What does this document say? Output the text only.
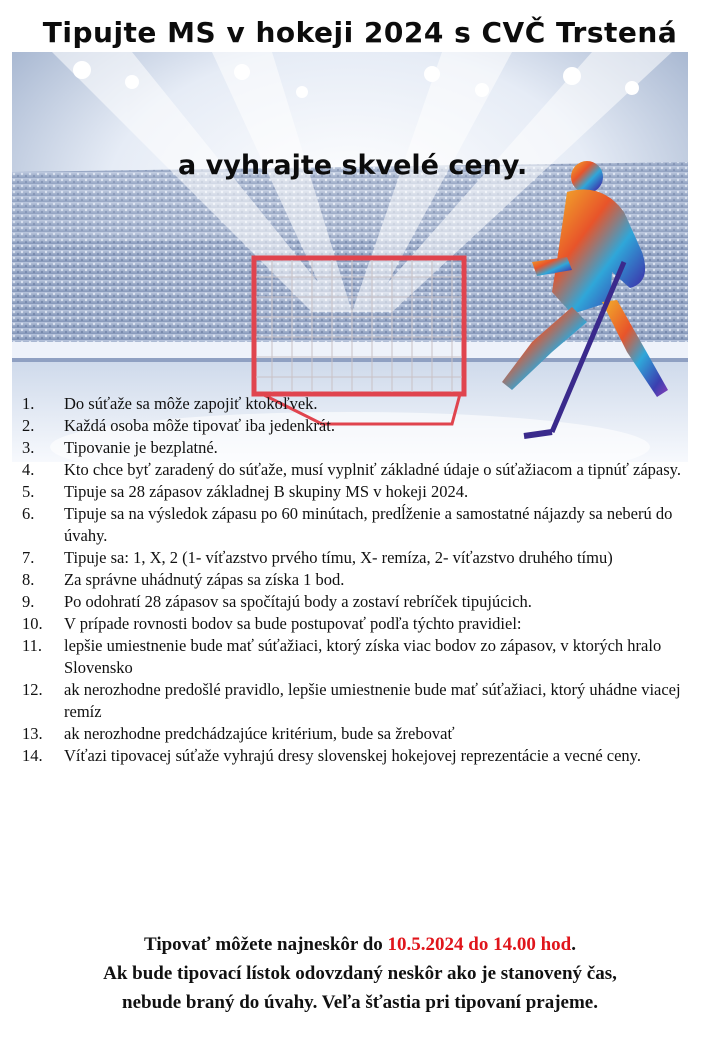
Tipujte MS v hokeji 2024 s CVČ Trstená
a vyhrajte skvelé ceny.
1. Do súťaže sa môže zapojiť ktokoľvek.
2. Každá osoba môže tipovať iba jedenkrát.
3. Tipovanie je bezplatné.
4. Kto chce byť zaradený do súťaže, musí vyplniť základné údaje o súťažiacom a tipnúť zápasy.
5. Tipuje sa 28 zápasov základnej B skupiny MS v hokeji 2024.
6. Tipuje sa na výsledok zápasu po 60 minútach, predĺženie a samostatné nájazdy sa neberú do úvahy.
7. Tipuje sa: 1, X, 2 (1- víťazstvo prvého tímu, X- remíza, 2- víťazstvo druhého tímu)
8. Za správne uhádnutý zápas sa získa 1 bod.
9. Po odohratí 28 zápasov sa spočítajú body a zostaví rebríček tipujúcich.
10. V prípade rovnosti bodov sa bude postupovať podľa týchto pravidiel:
11. lepšie umiestnenie bude mať súťažiaci, ktorý získa viac bodov zo zápasov, v ktorých hralo Slovensko
12. ak nerozhodne predošlé pravidlo, lepšie umiestnenie bude mať súťažiaci, ktorý uhádne viacej remíz
13. ak nerozhodne predchádzajúce kritérium, bude sa žrebovať
14. Víťazi tipovacej súťaže vyhrajú dresy slovenskej hokejovej reprezentácie a vecné ceny.
Tipovať môžete najneskôr do 10.5.2024 do 14.00 hod.
Ak bude tipovací lístok odovzdaný neskôr ako je stanovený čas,
nebude braný do úvahy. Veľa šťastia pri tipovaní prajeme.
